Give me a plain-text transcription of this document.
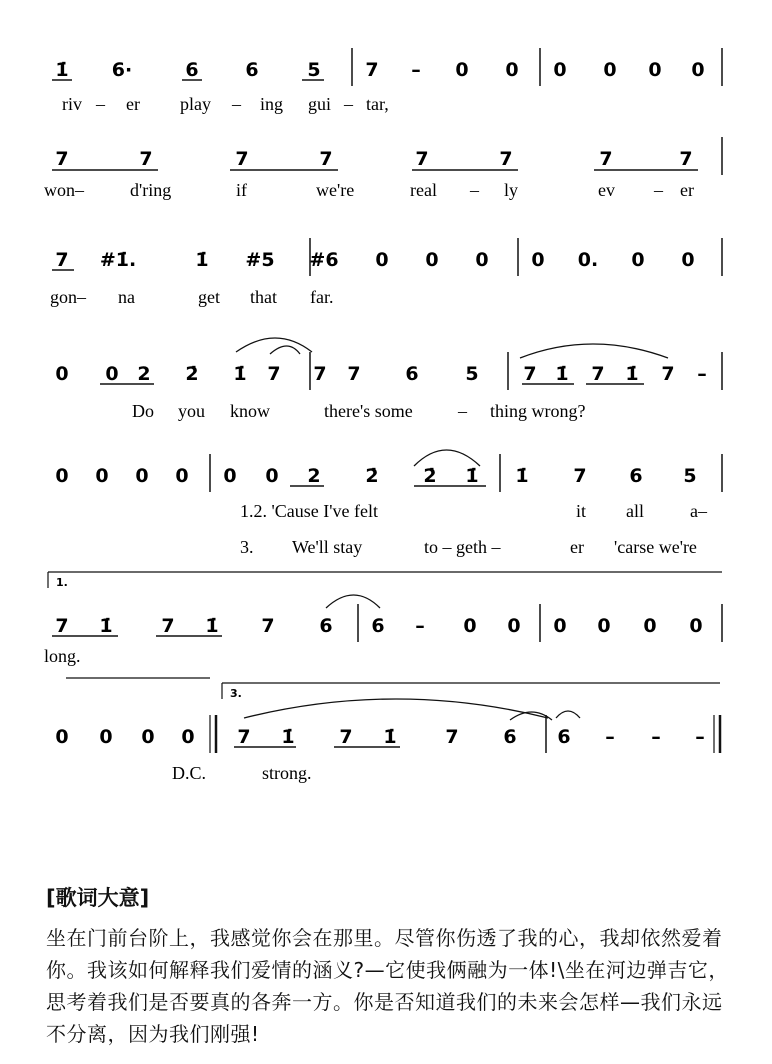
1̇ 6·	6 6	5 7 – 0 0 0 0 0 0
riv – er play – ing gui – tar,
7	7	7	7	7	7	7	7
won–	d'ring	if	we're	real – ly	ev – er
7 #1̇.	1̇ #5 #6 0 0 0 0 0. 0 0
gon– na	get that far.
0 0 2 2̇ 1̇ 7 7 7 6 5 7 1̇ 7 1̇ 7 –
Do you know	there's some	– thing wrong?
0 0 0 0 0 0 2 2̇ 2̇ 1̇ 1̇ 7 6 5
1.2. 'Cause I've felt	it all	a–
3. We'll stay	to – geth –	er 'carse we're
7 1̇	7 1̇ 7 6 6 – 0 0 0 0 0 0
long.
1.
0 0 0 0 7 1̇ 7 1̇	7 6 6 – – –
D.C.	strong.
3.
[歌词大意]
坐在门前台阶上，我感觉你会在那里。尽管你伤透了我的心，我却依然爱着你。我该如何解释我们爱情的涵义?—它使我俩融为一体!\坐在河边弹吉它，思考着我们是否要真的各奔一方。你是否知道我们的未来会怎样—我们永远不分离，因为我们刚强!
